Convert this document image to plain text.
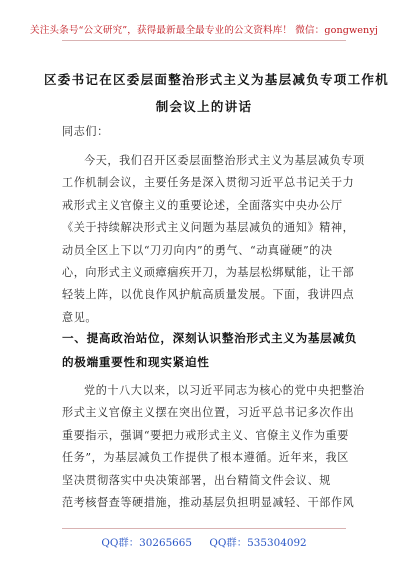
关注头条号“公文研究”，获得最新最全最专业的公文资料库！ 微信：gongwenyj
区委书记在区委层面整治形式主义为基层减负专项工作机
制会议上的讲话
同志们：
今天，我们召开区委层面整治形式主义为基层减负专项
工作机制会议，主要任务是深入贯彻习近平总书记关于力
戒形式主义官僚主义的重要论述，全面落实中央办公厅
《关于持续解决形式主义问题为基层减负的通知》精神，
动员全区上下以“刀刃向内”的勇气、“动真碰硬”的决
心，向形式主义顽瘴痼疾开刀，为基层松绑赋能，让干部
轻装上阵，以优良作风护航高质量发展。下面，我讲四点
意见。
一、提高政治站位，深刻认识整治形式主义为基层减负
的极端重要性和现实紧迫性
党的十八大以来，以习近平同志为核心的党中央把整治
形式主义官僚主义摆在突出位置，习近平总书记多次作出
重要指示，强调“要把力戒形式主义、官僚主义作为重要
任务”，为基层减负工作提供了根本遵循。近年来，我区
坚决贯彻落实中央决策部署，出台精简文件会议、规
范考核督查等硬措施，推动基层负担明显减轻、干部作风
QQ群：30265665 QQ群：535304092
